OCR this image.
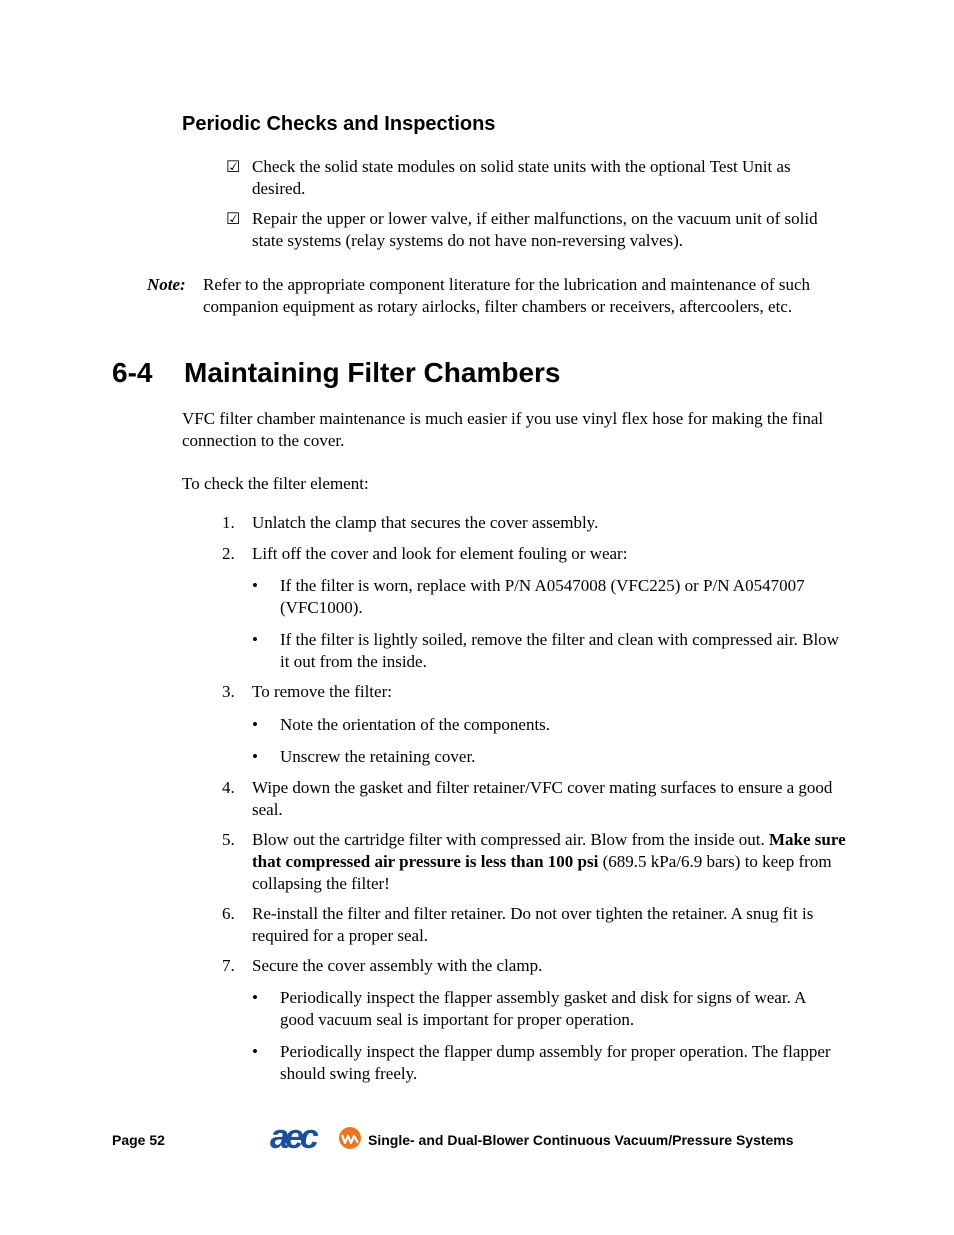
Periodic Checks and Inspections
☑ Check the solid state modules on solid state units with the optional Test Unit as desired.
☑ Repair the upper or lower valve, if either malfunctions, on the vacuum unit of solid state systems (relay systems do not have non-reversing valves).
Note: Refer to the appropriate component literature for the lubrication and maintenance of such companion equipment as rotary airlocks, filter chambers or receivers, aftercoolers, etc.
6-4 Maintaining Filter Chambers
VFC filter chamber maintenance is much easier if you use vinyl flex hose for making the final connection to the cover.
To check the filter element:
1. Unlatch the clamp that secures the cover assembly.
2. Lift off the cover and look for element fouling or wear:
• If the filter is worn, replace with P/N A0547008 (VFC225) or P/N A0547007 (VFC1000).
• If the filter is lightly soiled, remove the filter and clean with compressed air. Blow it out from the inside.
3. To remove the filter:
• Note the orientation of the components.
• Unscrew the retaining cover.
4. Wipe down the gasket and filter retainer/VFC cover mating surfaces to ensure a good seal.
5. Blow out the cartridge filter with compressed air. Blow from the inside out. Make sure that compressed air pressure is less than 100 psi (689.5 kPa/6.9 bars) to keep from collapsing the filter!
6. Re-install the filter and filter retainer. Do not over tighten the retainer. A snug fit is required for a proper seal.
7. Secure the cover assembly with the clamp.
• Periodically inspect the flapper assembly gasket and disk for signs of wear. A good vacuum seal is important for proper operation.
• Periodically inspect the flapper dump assembly for proper operation. The flapper should swing freely.
Page 52	aec	Single- and Dual-Blower Continuous Vacuum/Pressure Systems
